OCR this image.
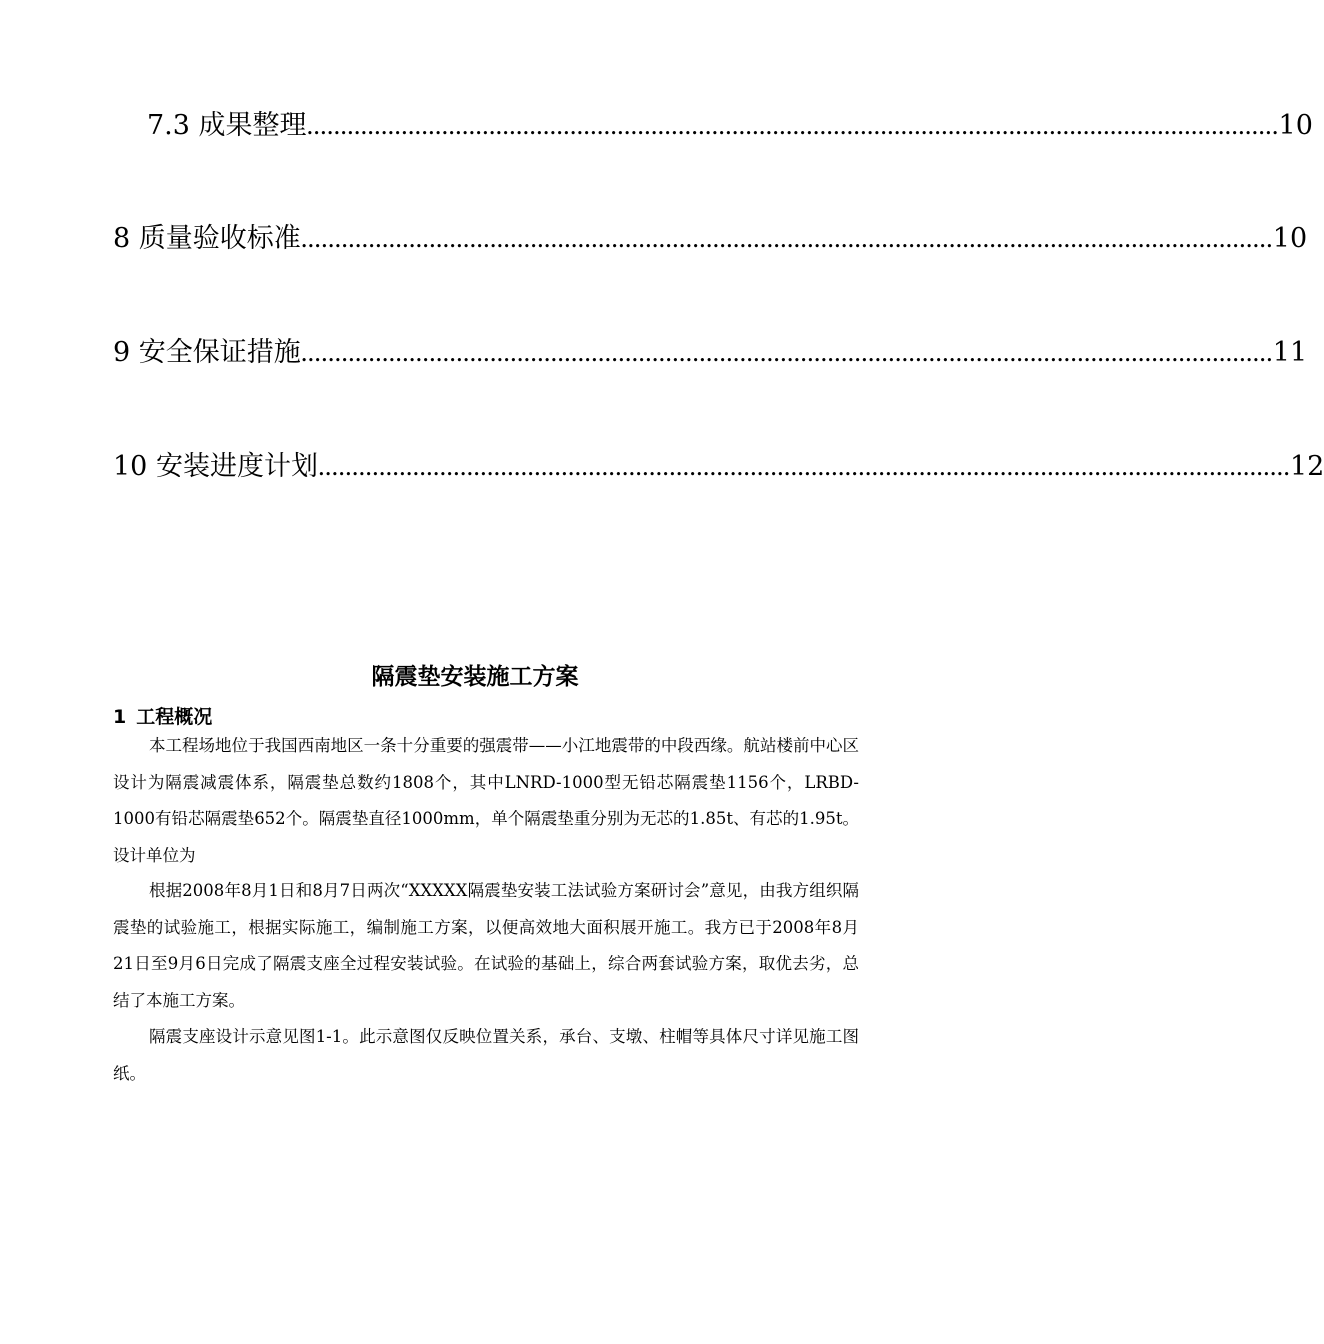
7.3 成果整理 ................................................................................................................................................ 10
8 质量验收标准 ................................................................................................................................................ 10
9 安全保证措施 ................................................................................................................................................ 11
10 安装进度计划 ................................................................................................................................................ 12
隔震垫安装施工方案
1 工程概况

本工程场地位于我国西南地区一条十分重要的强震带——小江地震带的中段西缘。航站楼前中心区设计为隔震减震体系，隔震垫总数约1808个，其中LNRD-1000型无铅芯隔震垫1156个，LRBD-1000有铅芯隔震垫652个。隔震垫直径1000mm，单个隔震垫重分别为无芯的1.85t、有芯的1.95t。设计单位为

根据2008年8月1日和8月7日两次“XXXXX隔震垫安装工法试验方案研讨会”意见，由我方组织隔震垫的试验施工，根据实际施工，编制施工方案，以便高效地大面积展开施工。我方已于2008年8月21日至9月6日完成了隔震支座全过程安装试验。在试验的基础上，综合两套试验方案，取优去劣，总结了本施工方案。

隔震支座设计示意见图1-1。此示意图仅反映位置关系，承台、支墩、柱帽等具体尺寸详见施工图纸。
